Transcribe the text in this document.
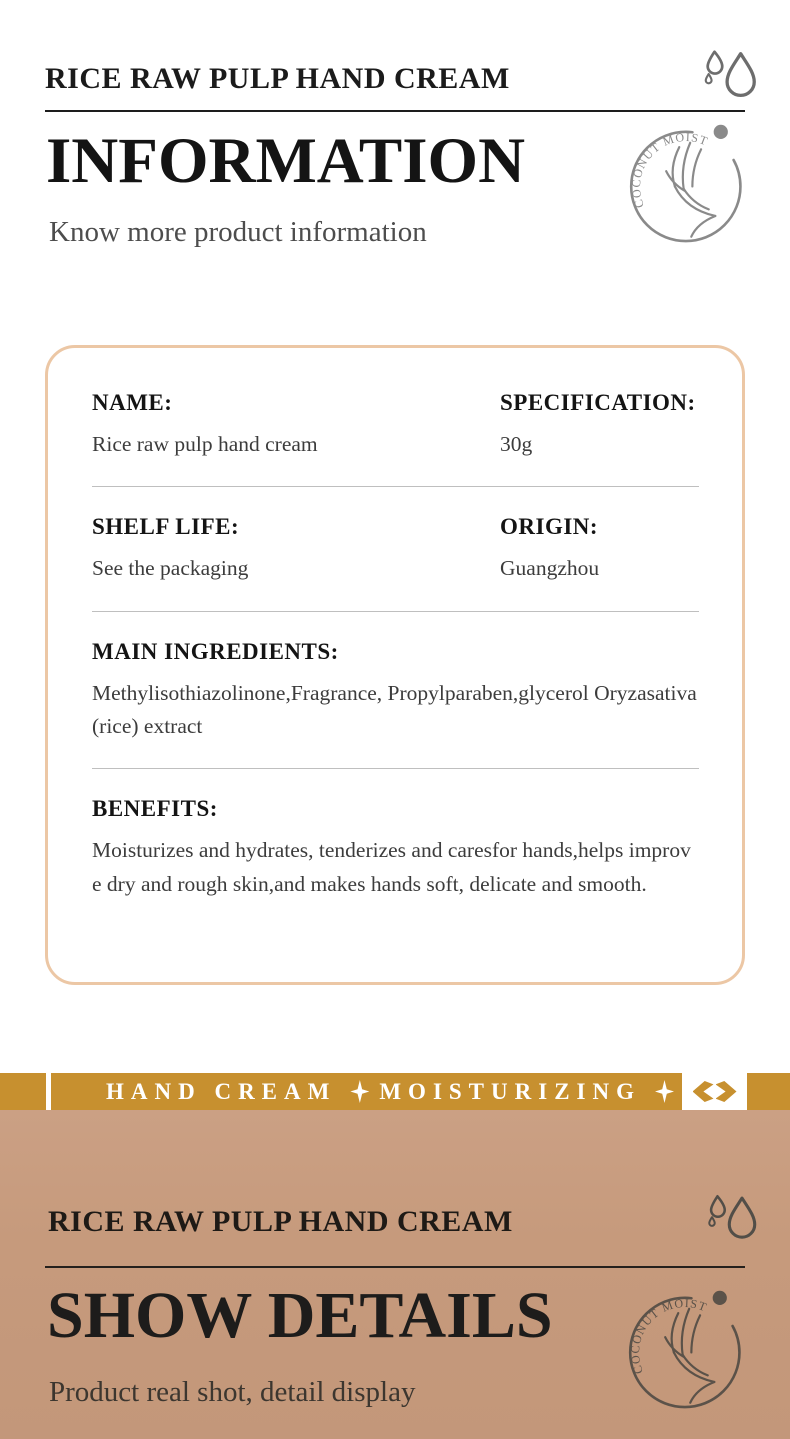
RICE RAW PULP HAND CREAM
INFORMATION

Know more product information

COCONUT MOIST
NAME:
Rice raw pulp hand cream
SPECIFICATION:
30g
SHELF LIFE:
See the packaging
ORIGIN:
Guangzhou
MAIN INGREDIENTS:
Methylisothiazolinone,Fragrance, Propylparaben,glycerol Oryzasativa(rice) extract
BENEFITS:
Moisturizes and hydrates, tenderizes and caresfor hands,helps improve dry and rough skin,and makes hands soft, delicate and smooth.
HAND CREAM MOISTURIZING
RICE RAW PULP HAND CREAM
SHOW DETAILS

Product real shot, detail display

COCONUT MOIST
